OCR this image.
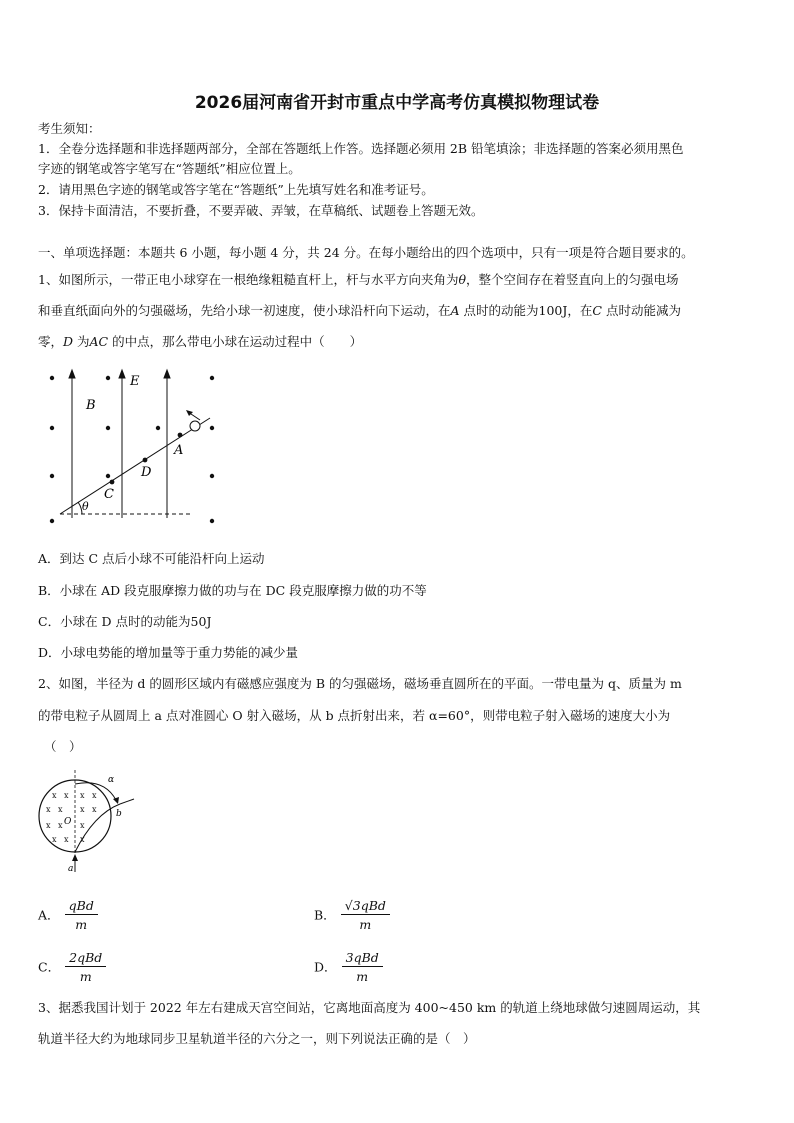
2026届河南省开封市重点中学高考仿真模拟物理试卷
考生须知：
1．全卷分选择题和非选择题两部分，全部在答题纸上作答。选择题必须用 2B 铅笔填涂；非选择题的答案必须用黑色
字迹的钢笔或答字笔写在“答题纸”相应位置上。
2．请用黑色字迹的钢笔或答字笔在“答题纸”上先填写姓名和准考证号。
3．保持卡面清洁，不要折叠，不要弄破、弄皱，在草稿纸、试题卷上答题无效。
一、单项选择题：本题共 6 小题，每小题 4 分，共 24 分。在每小题给出的四个选项中，只有一项是符合题目要求的。
1、如图所示，一带正电小球穿在一根绝缘粗糙直杆上，杆与水平方向夹角为θ，整个空间存在着竖直向上的匀强电场
和垂直纸面向外的匀强磁场，先给小球一初速度，使小球沿杆向下运动，在A 点时的动能为100J，在C 点时动能减为
零，D 为AC 的中点，那么带电小球在运动过程中（　　）
E
B
A
D
C
θ
A．到达 C 点后小球不可能沿杆向上运动
B．小球在 AD 段克服摩擦力做的功与在 DC 段克服摩擦力做的功不等
C．小球在 D 点时的动能为50J
D．小球电势能的增加量等于重力势能的减少量
2、如图，半径为 d 的圆形区域内有磁感应强度为 B 的匀强磁场，磁场垂直圆所在的平面。一带电量为 q、质量为 m
的带电粒子从圆周上 a 点对准圆心 O 射入磁场，从 b 点折射出来，若 α=60°，则带电粒子射入磁场的速度大小为
（　）
x x x x
x x x x
x x x
x x x
α
b
O
a
A． $\frac{\text{qBd}}{m}$	B． $\frac{\text{√3qBd}}{m}$
C． $\frac{\text{2qBd}}{m}$	D． $\frac{\text{3qBd}}{m}$
3、据悉我国计划于 2022 年左右建成天宫空间站，它离地面高度为 400~450 km 的轨道上绕地球做匀速圆周运动，其
轨道半径大约为地球同步卫星轨道半径的六分之一，则下列说法正确的是（　）
